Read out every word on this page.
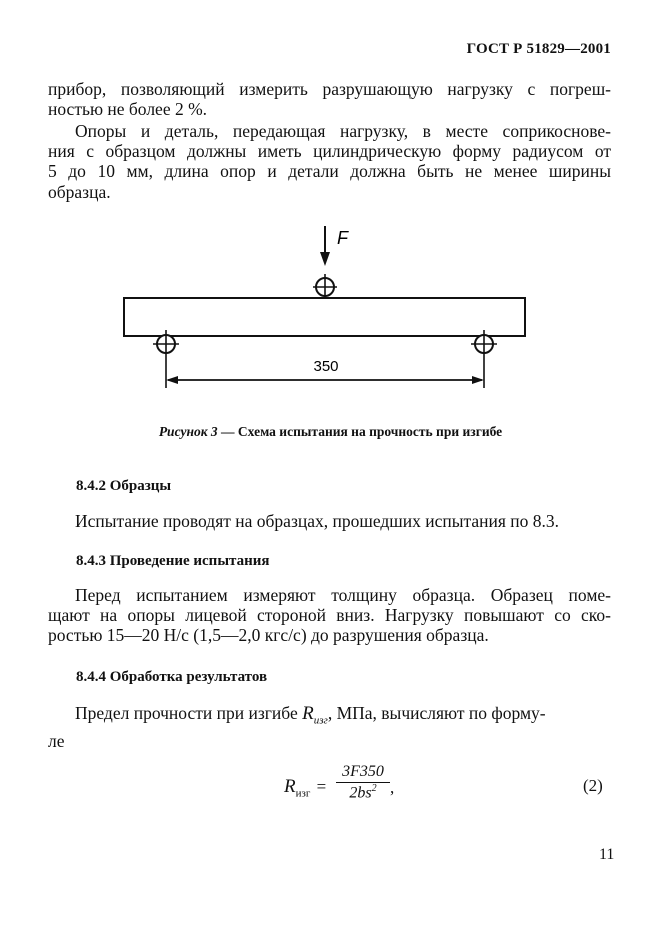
ГОСТ Р 51829—2001
прибор, позволяющий измерить разрушающую нагрузку с погреш-
ностью не более 2 %.
Опоры и деталь, передающая нагрузку, в месте соприкоснове-
ния с образцом должны иметь цилиндрическую форму радиусом от
5 до 10 мм, длина опор и детали должна быть не менее ширины
образца.
F
350
Рисунок 3 — Схема испытания на прочность при изгибе
8.4.2 Образцы
Испытание проводят на образцах, прошедших испытания по 8.3.
8.4.3 Проведение испытания
Перед испытанием измеряют толщину образца. Образец поме-
щают на опоры лицевой стороной вниз. Нагрузку повышают со ско-
ростью 15—20 Н/с (1,5—2,0 кгс/с) до разрушения образца.
8.4.4 Обработка результатов
Предел прочности при изгибе $R_{изг}$, МПа, вычисляют по форму-
ле
$R_{изг} = \frac{3F350}{2bs^2}$ ,	(2)
11
